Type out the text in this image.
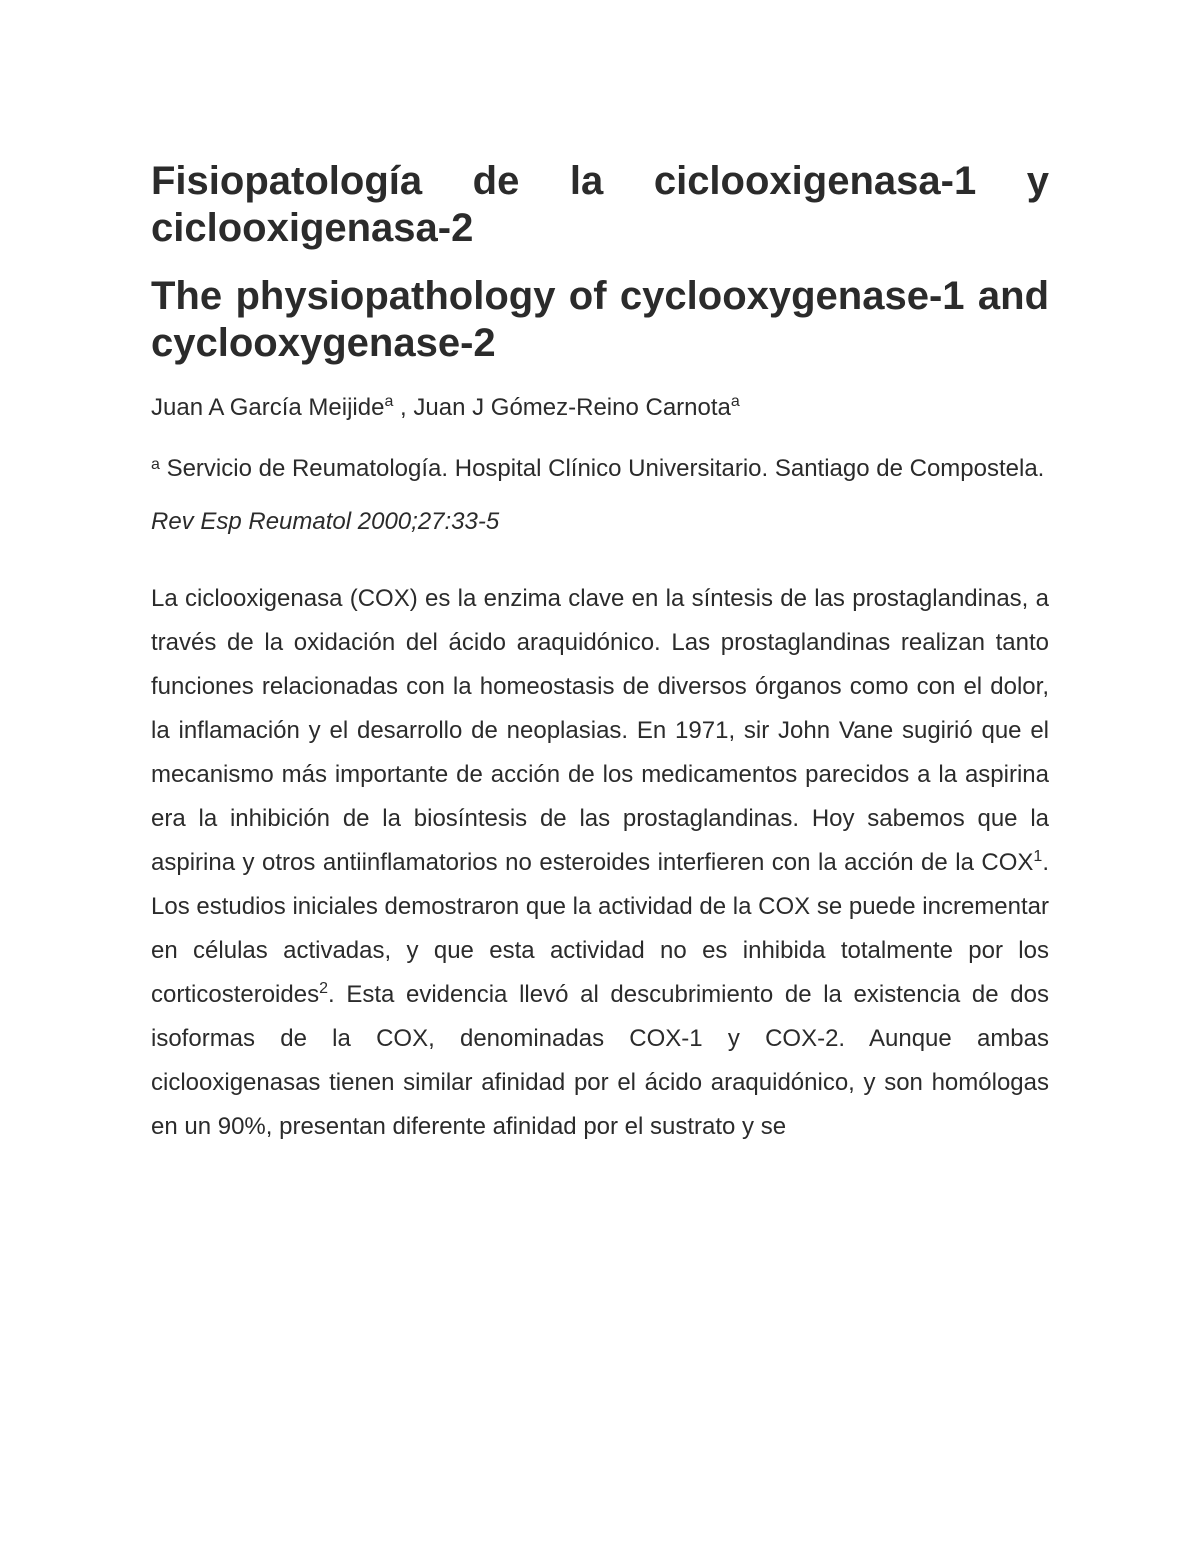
Fisiopatología de la ciclooxigenasa-1 y ciclooxigenasa-2
The physiopathology of cyclooxygenase-1 and cyclooxygenase-2

Juan A García Meijide$^a$ , Juan J Gómez-Reino Carnota$^a$

$^a$ Servicio de Reumatología. Hospital Clínico Universitario. Santiago de Compostela.

Rev Esp Reumatol 2000;27:33-5

La ciclooxigenasa (COX) es la enzima clave en la síntesis de las prostaglandinas, a través de la oxidación del ácido araquidónico. Las prostaglandinas realizan tanto funciones relacionadas con la homeostasis de diversos órganos como con el dolor, la inflamación y el desarrollo de neoplasias. En 1971, sir John Vane sugirió que el mecanismo más importante de acción de los medicamentos parecidos a la aspirina era la inhibición de la biosíntesis de las prostaglandinas. Hoy sabemos que la aspirina y otros antiinflamatorios no esteroides interfieren con la acción de la COX$^1$. Los estudios iniciales demostraron que la actividad de la COX se puede incrementar en células activadas, y que esta actividad no es inhibida totalmente por los corticosteroides$^2$. Esta evidencia llevó al descubrimiento de la existencia de dos isoformas de la COX, denominadas COX-1 y COX-2. Aunque ambas ciclooxigenasas tienen similar afinidad por el ácido araquidónico, y son homólogas en un 90%, presentan diferente afinidad por el sustrato y se
